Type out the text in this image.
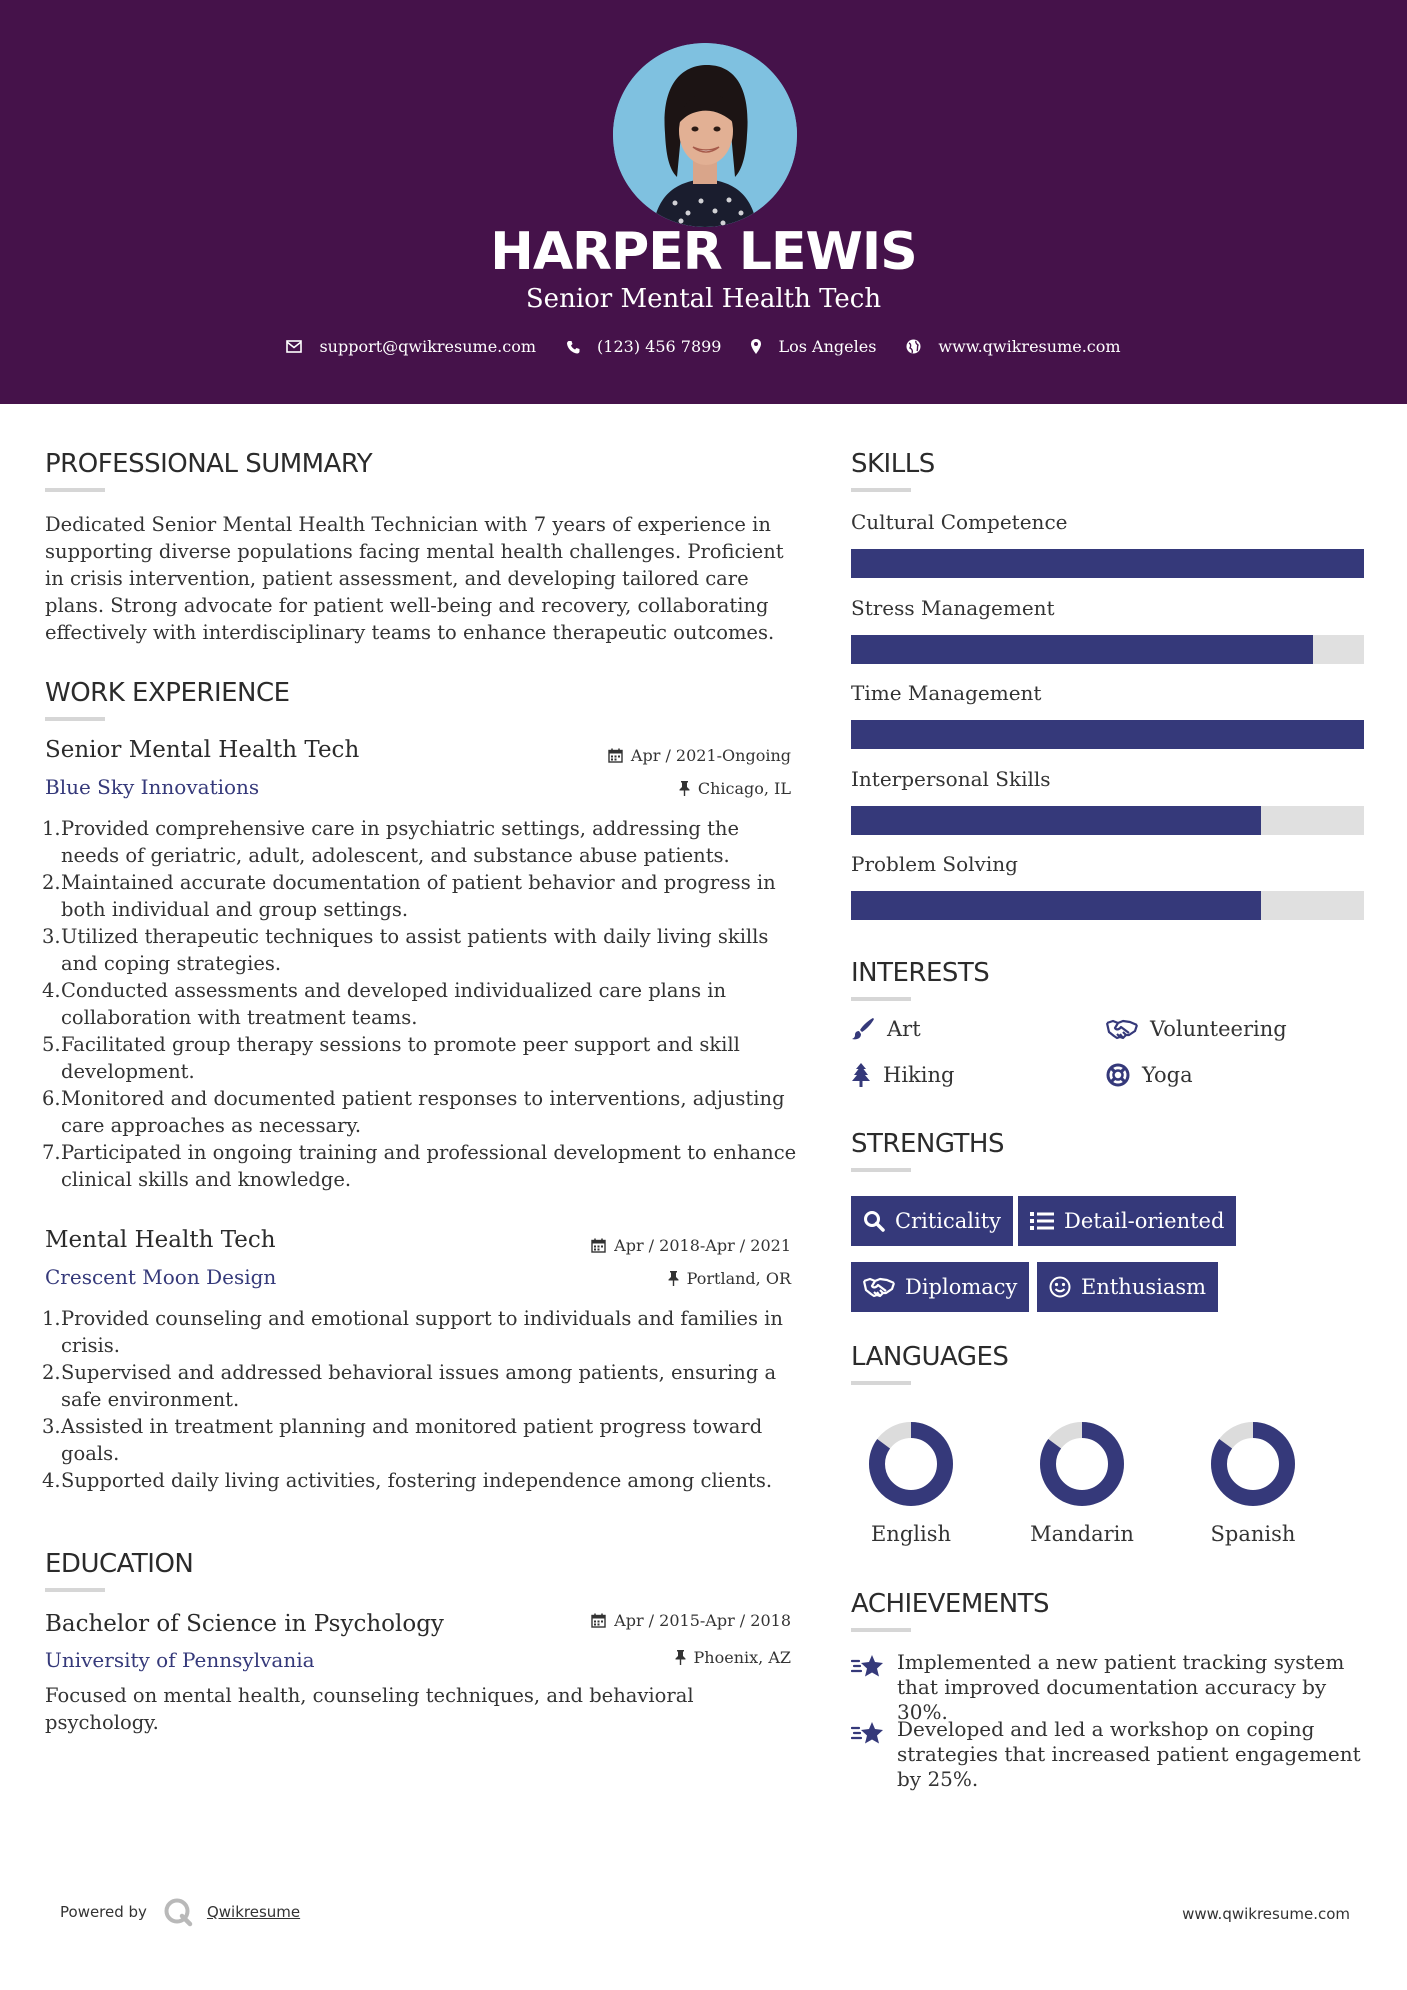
HARPER LEWIS
Senior Mental Health Tech
support@qwikresume.com	(123) 456 7899	Los Angeles	www.qwikresume.com
PROFESSIONAL SUMMARY
Dedicated Senior Mental Health Technician with 7 years of experience in supporting diverse populations facing mental health challenges. Proficient in crisis intervention, patient assessment, and developing tailored care plans. Strong advocate for patient well-being and recovery, collaborating effectively with interdisciplinary teams to enhance therapeutic outcomes.
WORK EXPERIENCE
Senior Mental Health Tech	Apr / 2021-Ongoing
Blue Sky Innovations	Chicago, IL
1. Provided comprehensive care in psychiatric settings, addressing the needs of geriatric, adult, adolescent, and substance abuse patients.
2. Maintained accurate documentation of patient behavior and progress in both individual and group settings.
3. Utilized therapeutic techniques to assist patients with daily living skills and coping strategies.
4. Conducted assessments and developed individualized care plans in collaboration with treatment teams.
5. Facilitated group therapy sessions to promote peer support and skill development.
6. Monitored and documented patient responses to interventions, adjusting care approaches as necessary.
7. Participated in ongoing training and professional development to enhance clinical skills and knowledge.
Mental Health Tech	Apr / 2018-Apr / 2021
Crescent Moon Design	Portland, OR
1. Provided counseling and emotional support to individuals and families in crisis.
2. Supervised and addressed behavioral issues among patients, ensuring a safe environment.
3. Assisted in treatment planning and monitored patient progress toward goals.
4. Supported daily living activities, fostering independence among clients.
EDUCATION
Bachelor of Science in Psychology	Apr / 2015-Apr / 2018
University of Pennsylvania	Phoenix, AZ
Focused on mental health, counseling techniques, and behavioral psychology.
SKILLS
Cultural Competence
Stress Management
Time Management
Interpersonal Skills
Problem Solving
INTERESTS
Art	Volunteering
Hiking	Yoga
STRENGTHS
Criticality	Detail-oriented
Diplomacy	Enthusiasm
LANGUAGES
English	Mandarin	Spanish
ACHIEVEMENTS
Implemented a new patient tracking system that improved documentation accuracy by 30%.
Developed and led a workshop on coping strategies that increased patient engagement by 25%.
Powered by	Qwikresume	www.qwikresume.com
